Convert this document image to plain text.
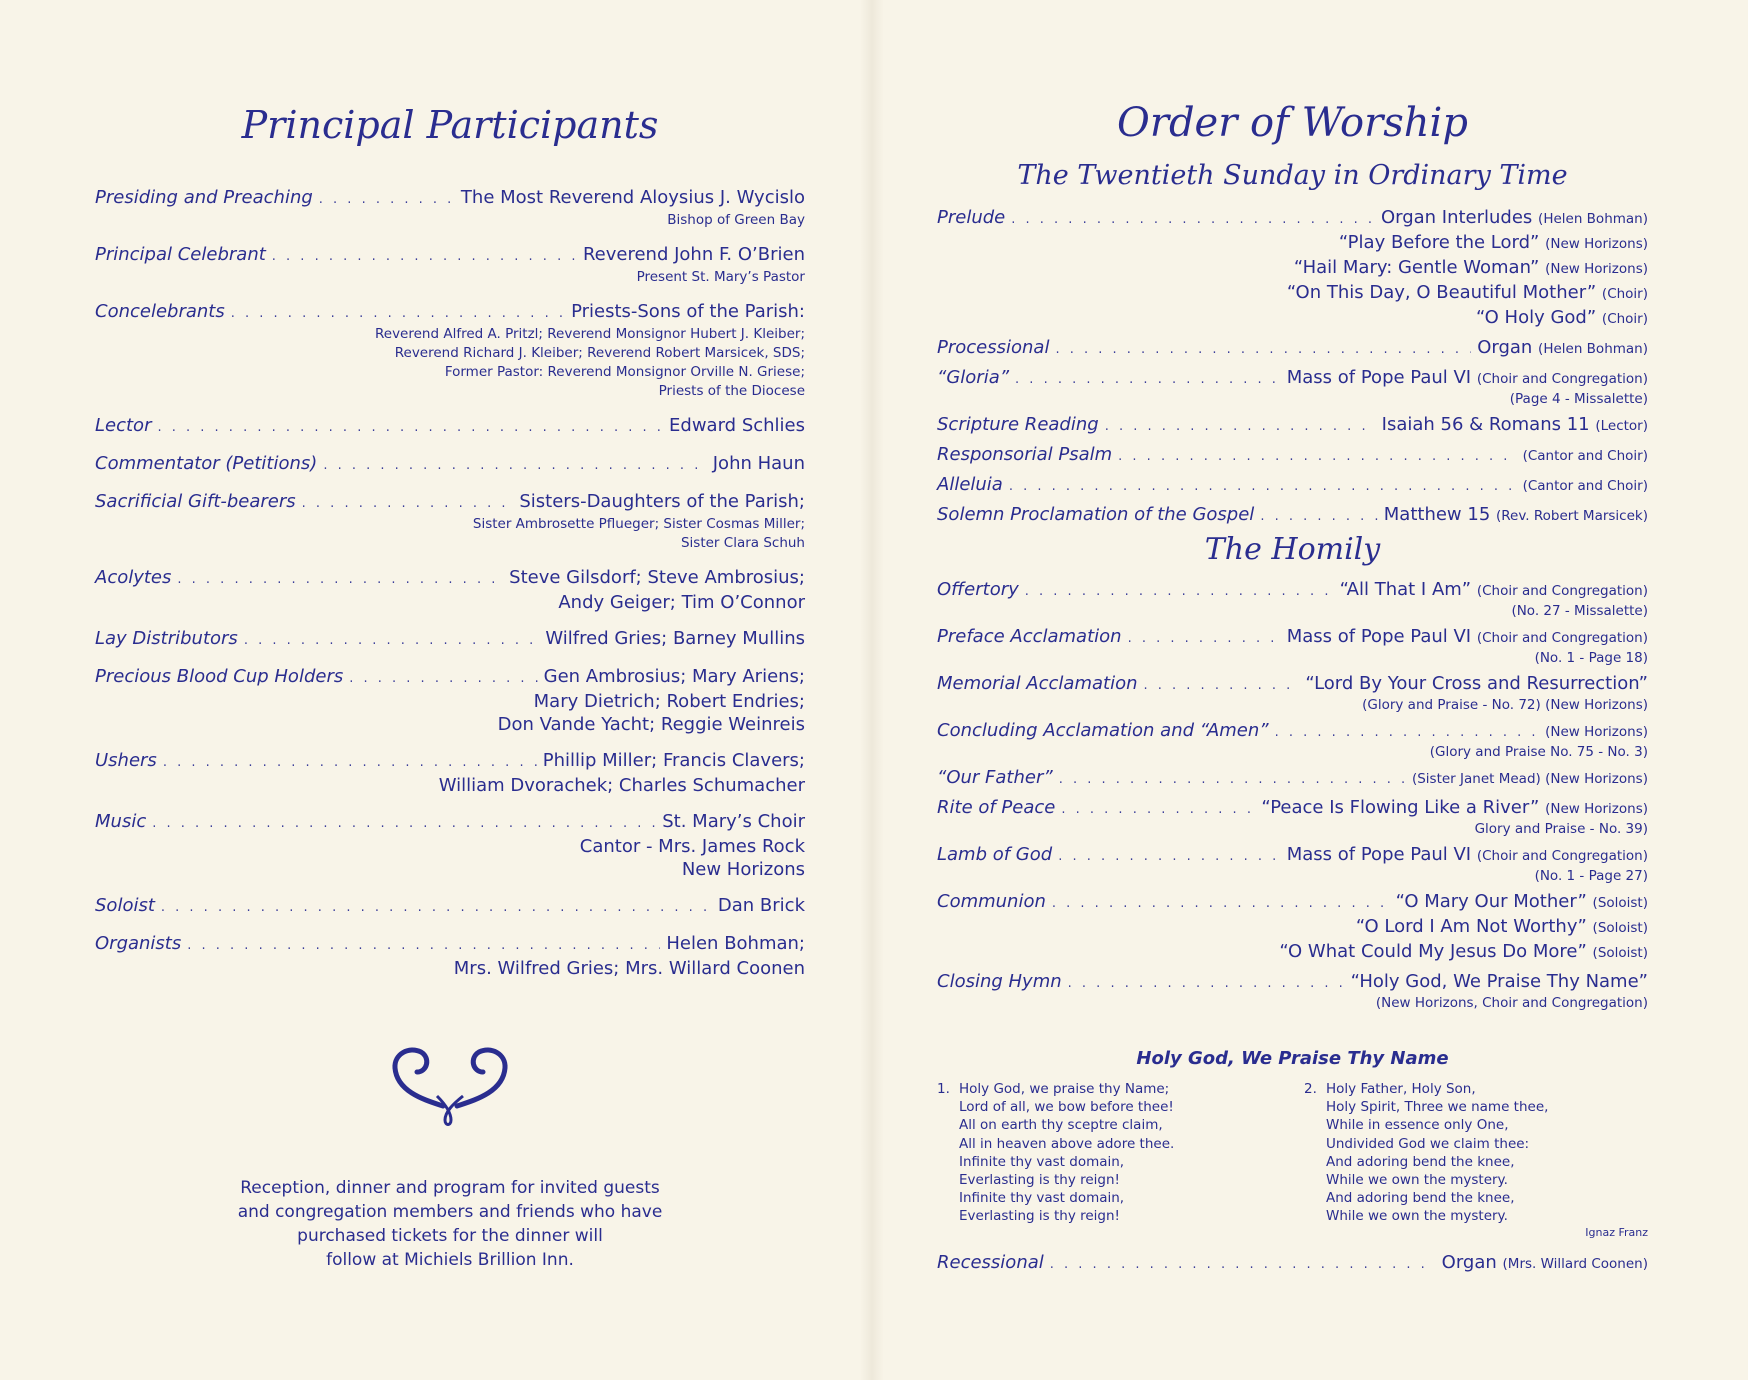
Principal Participants
Presiding and Preaching . . .	The Most Reverend Aloysius J. Wycislo
Bishop of Green Bay
Principal Celebrant . . .	Reverend John F. O’Brien
Present St. Mary’s Pastor
Concelebrants . . .	Priests-Sons of the Parish:
Reverend Alfred A. Pritzl; Reverend Monsignor Hubert J. Kleiber;
Reverend Richard J. Kleiber; Reverend Robert Marsicek, SDS;
Former Pastor: Reverend Monsignor Orville N. Griese;
Priests of the Diocese
Lector . . .	Edward Schlies
Commentator (Petitions) . . .	John Haun
Sacrificial Gift-bearers . . .	Sisters-Daughters of the Parish;
Sister Ambrosette Pflueger; Sister Cosmas Miller;
Sister Clara Schuh
Acolytes . . .	Steve Gilsdorf; Steve Ambrosius;
Andy Geiger; Tim O’Connor
Lay Distributors . . .	Wilfred Gries; Barney Mullins
Precious Blood Cup Holders . . .	Gen Ambrosius; Mary Ariens;
Mary Dietrich; Robert Endries;
Don Vande Yacht; Reggie Weinreis
Ushers . . .	Phillip Miller; Francis Clavers;
William Dvorachek; Charles Schumacher
Music . . .	St. Mary’s Choir
Cantor - Mrs. James Rock
New Horizons
Soloist . . .	Dan Brick
Organists . . .	Helen Bohman;
Mrs. Wilfred Gries; Mrs. Willard Coonen
Reception, dinner and program for invited guests
and congregation members and friends who have
purchased tickets for the dinner will
follow at Michiels Brillion Inn.
Order of Worship
The Twentieth Sunday in Ordinary Time
Prelude . . .	Organ Interludes (Helen Bohman)
“Play Before the Lord” (New Horizons)
“Hail Mary: Gentle Woman” (New Horizons)
“On This Day, O Beautiful Mother” (Choir)
“O Holy God” (Choir)
Processional . . .	Organ (Helen Bohman)
“Gloria” . . .	Mass of Pope Paul VI (Choir and Congregation)
(Page 4 - Missalette)
Scripture Reading . . .	Isaiah 56 & Romans 11 (Lector)
Responsorial Psalm . . .	(Cantor and Choir)
Alleluia . . .	(Cantor and Choir)
Solemn Proclamation of the Gospel . . .	Matthew 15 (Rev. Robert Marsicek)
The Homily
Offertory . . .	“All That I Am” (Choir and Congregation)
(No. 27 - Missalette)
Preface Acclamation . . .	Mass of Pope Paul VI (Choir and Congregation)
(No. 1 - Page 18)
Memorial Acclamation . . .	“Lord By Your Cross and Resurrection”
(Glory and Praise - No. 72) (New Horizons)
Concluding Acclamation and “Amen” . . .	(New Horizons)
(Glory and Praise No. 75 - No. 3)
“Our Father” . . .	(Sister Janet Mead) (New Horizons)
Rite of Peace . . .	“Peace Is Flowing Like a River” (New Horizons)
Glory and Praise - No. 39)
Lamb of God . . .	Mass of Pope Paul VI (Choir and Congregation)
(No. 1 - Page 27)
Communion . . .	“O Mary Our Mother” (Soloist)
“O Lord I Am Not Worthy” (Soloist)
“O What Could My Jesus Do More” (Soloist)
Closing Hymn . . .	“Holy God, We Praise Thy Name”
(New Horizons, Choir and Congregation)
Holy God, We Praise Thy Name
1. Holy God, we praise thy Name;
Lord of all, we bow before thee!
All on earth thy sceptre claim,
All in heaven above adore thee.
Infinite thy vast domain,
Everlasting is thy reign!
Infinite thy vast domain,
Everlasting is thy reign!
2. Holy Father, Holy Son,
Holy Spirit, Three we name thee,
While in essence only One,
Undivided God we claim thee:
And adoring bend the knee,
While we own the mystery.
And adoring bend the knee,
While we own the mystery.
Ignaz Franz
Recessional . . .	Organ (Mrs. Willard Coonen)
